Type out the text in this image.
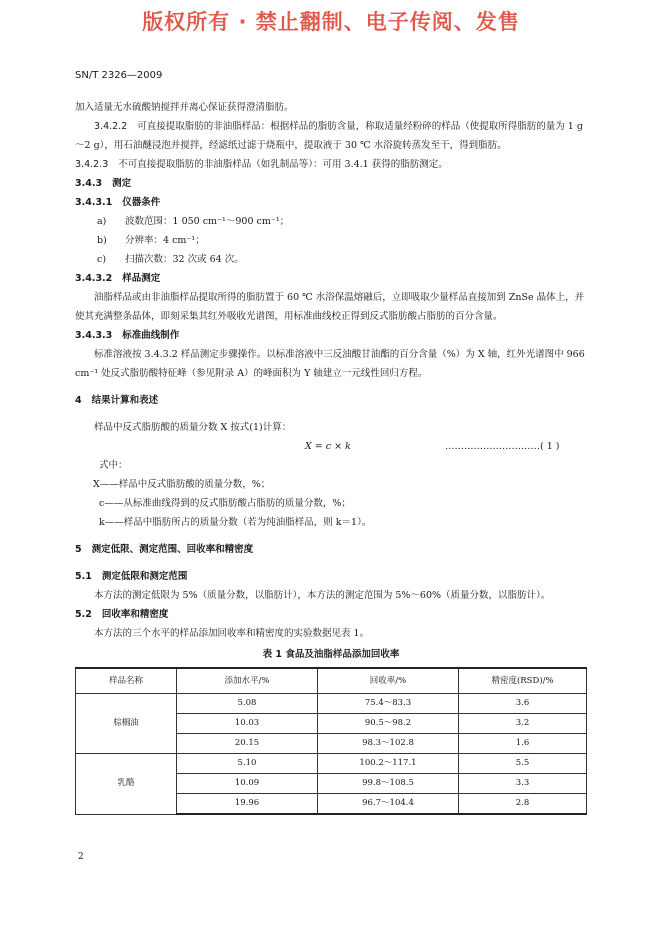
版权所有 · 禁止翻制、电子传阅、发售
SN/T 2326—2009

加入适量无水硫酸钠搅拌并离心保证获得澄清脂肪。

3.4.2.2 可直接提取脂肪的非油脂样品：根据样品的脂肪含量，称取适量经粉碎的样品（使提取所得脂肪的量为 1 g～2 g），用石油醚浸泡并搅拌，经滤纸过滤于烧瓶中，提取液于 30 ℃ 水浴旋转蒸发至干，得到脂肪。

3.4.2.3 不可直接提取脂肪的非油脂样品（如乳制品等）：可用 3.4.1 获得的脂肪测定。

3.4.3 测定

3.4.3.1 仪器条件

a) 波数范围：1 050 cm⁻¹～900 cm⁻¹；

b) 分辨率：4 cm⁻¹；

c) 扫描次数：32 次或 64 次。

3.4.3.2 样品测定

油脂样品或由非油脂样品提取所得的脂肪置于 60 ℃ 水浴保温熔融后，立即吸取少量样品直接加到 ZnSe 晶体上，并使其充满整条晶体，即刻采集其红外吸收光谱图，用标准曲线校正得到反式脂肪酸占脂肪的百分含量。

3.4.3.3 标准曲线制作

标准溶液按 3.4.3.2 样品测定步骤操作。以标准溶液中三反油酸甘油酯的百分含量（%）为 X 轴，红外光谱图中 966 cm⁻¹ 处反式脂肪酸特征峰（参见附录 A）的峰面积为 Y 轴建立一元线性回归方程。

4 结果计算和表述

样品中反式脂肪酸的质量分数 X 按式(1)计算：

X = c × k	…………………………( 1 )

式中：

X——样品中反式脂肪酸的质量分数，%；

c——从标准曲线得到的反式脂肪酸占脂肪的质量分数，%；

k——样品中脂肪所占的质量分数（若为纯油脂样品，则 k＝1）。

5 测定低限、测定范围、回收率和精密度

5.1 测定低限和测定范围

本方法的测定低限为 5%（质量分数，以脂肪计），本方法的测定范围为 5%～60%（质量分数，以脂肪计）。

5.2 回收率和精密度

本方法的三个水平的样品添加回收率和精密度的实验数据见表 1。

表 1 食品及油脂样品添加回收率
样品名称	添加水平/%	回收率/%	精密度(RSD)/%
棕榈油	5.08	75.4～83.3	3.6
	10.03	90.5～98.2	3.2
	20.15	98.3～102.8	1.6
乳酪	5.10	100.2～117.1	5.5
	10.09	99.8～108.5	3.3
	19.96	96.7～104.4	2.8
2
